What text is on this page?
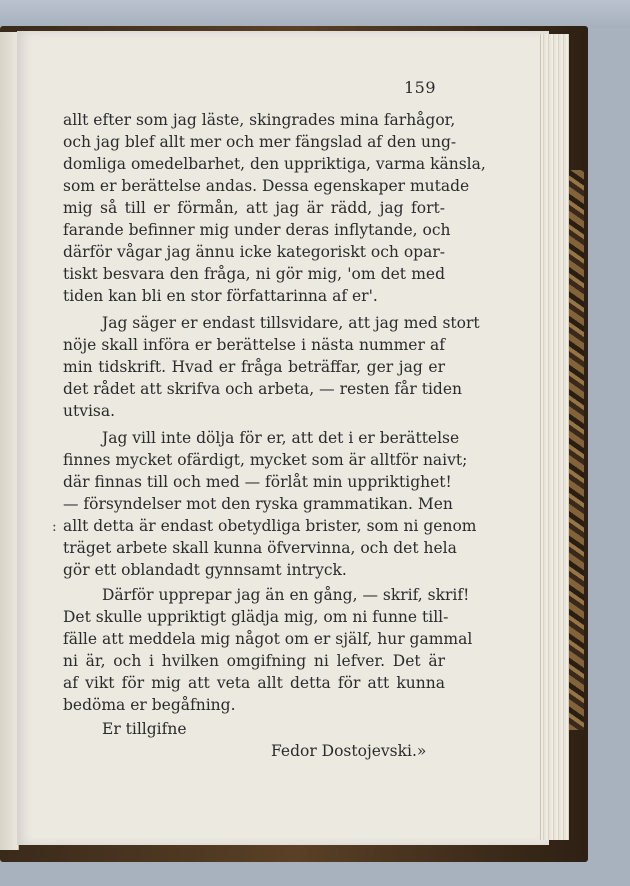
159
:
allt efter som jag läste, skingrades mina farhågor,
och jag blef allt mer och mer fängslad af den ung-
domliga omedelbarhet, den uppriktiga, varma känsla,
som er berättelse andas. Dessa egenskaper mutade
mig så till er förmån, att jag är rädd, jag fort-
farande befinner mig under deras inflytande, och
därför vågar jag ännu icke kategoriskt och opar-
tiskt besvara den fråga, ni gör mig, 'om det med
tiden kan bli en stor författarinna af er'.
Jag säger er endast tillsvidare, att jag med stort
nöje skall införa er berättelse i nästa nummer af
min tidskrift. Hvad er fråga beträffar, ger jag er
det rådet att skrifva och arbeta, — resten får tiden
utvisa.
Jag vill inte dölja för er, att det i er berättelse
finnes mycket ofärdigt, mycket som är alltför naivt;
där finnas till och med — förlåt min uppriktighet!
— försyndelser mot den ryska grammatikan. Men
allt detta är endast obetydliga brister, som ni genom
träget arbete skall kunna öfvervinna, och det hela
gör ett oblandadt gynnsamt intryck.
Därför upprepar jag än en gång, — skrif, skrif!
Det skulle uppriktigt glädja mig, om ni funne till-
fälle att meddela mig något om er själf, hur gammal
ni är, och i hvilken omgifning ni lefver. Det är
af vikt för mig att veta allt detta för att kunna
bedöma er begåfning.
Er tillgifne
Fedor Dostojevski.»
